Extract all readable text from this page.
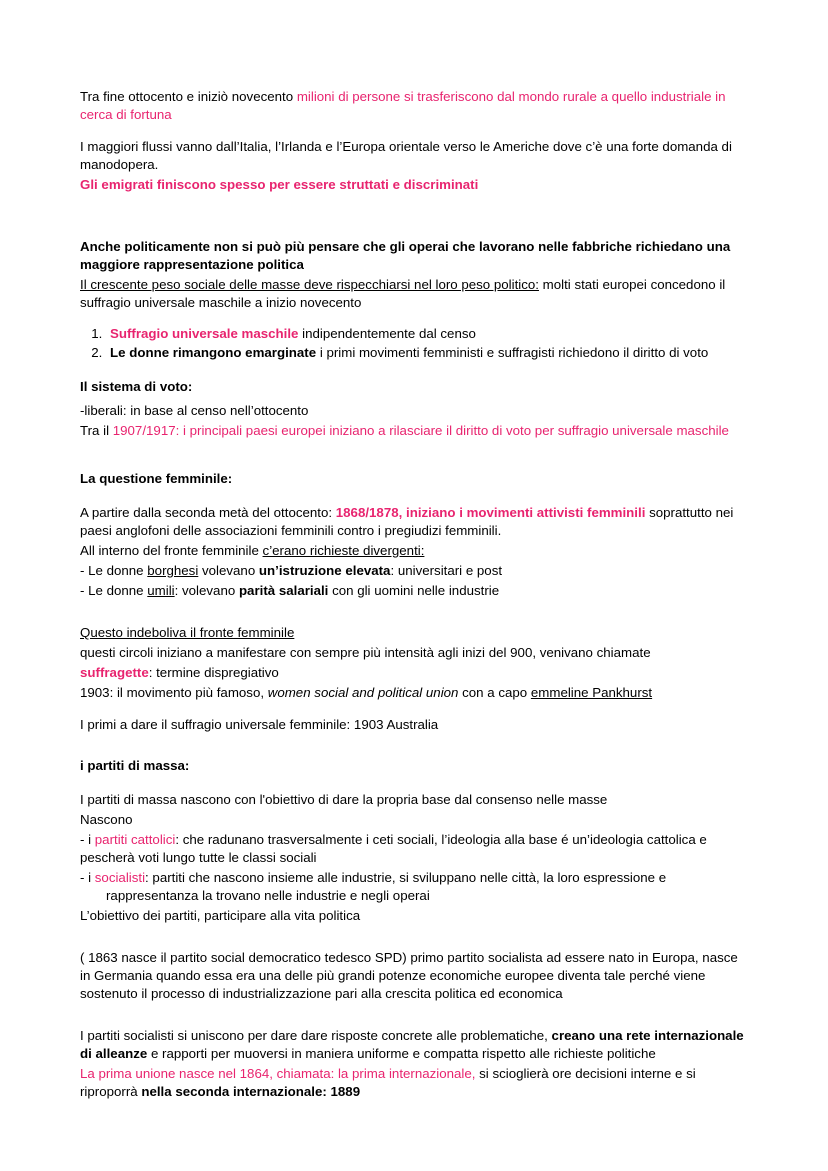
Tra fine ottocento e iniziò novecento milioni di persone si trasferiscono dal mondo rurale a quello industriale in cerca di fortuna

I maggiori flussi vanno dall’Italia, l’Irlanda e l’Europa orientale verso le Americhe dove c’è una forte domanda di manodopera.

Gli emigrati finiscono spesso per essere struttati e discriminati

Anche politicamente non si può più pensare che gli operai che lavorano nelle fabbriche richiedano una maggiore rappresentazione politica

Il crescente peso sociale delle masse deve rispecchiarsi nel loro peso politico: molti stati europei concedono il suffragio universale maschile a inizio novecento

1. Suffragio universale maschile indipendentemente dal censo
2. Le donne rimangono emarginate i primi movimenti femministi e suffragisti richiedono il diritto di voto

Il sistema di voto:

-liberali: in base al censo nell’ottocento

Tra il 1907/1917: i principali paesi europei iniziano a rilasciare il diritto di voto per suffragio universale maschile

La questione femminile:

A partire dalla seconda metà del ottocento: 1868/1878, iniziano i movimenti attivisti femminili soprattutto nei paesi anglofoni delle associazioni femminili contro i pregiudizi femminili.

All interno del fronte femminile c’erano richieste divergenti:

- Le donne borghesi volevano un’istruzione elevata: universitari e post

- Le donne umili: volevano parità salariali con gli uomini nelle industrie

Questo indeboliva il fronte femminile

questi circoli iniziano a manifestare con sempre più intensità agli inizi del 900, venivano chiamate

suffragette: termine dispregiativo

1903: il movimento più famoso, women social and political union con a capo emmeline Pankhurst

I primi a dare il suffragio universale femminile: 1903 Australia

i partiti di massa:

I partiti di massa nascono con l'obiettivo di dare la propria base dal consenso nelle masse

Nascono

- i partiti cattolici: che radunano trasversalmente i ceti sociali, l’ideologia alla base é un’ideologia cattolica e pescherà voti lungo tutte le classi sociali

- i socialisti: partiti che nascono insieme alle industrie, si sviluppano nelle città, la loro espressione e rappresentanza la trovano nelle industrie e negli operai

L’obiettivo dei partiti, participare alla vita politica

( 1863 nasce il partito social democratico tedesco SPD) primo partito socialista ad essere nato in Europa, nasce in Germania quando essa era una delle più grandi potenze economiche europee diventa tale perché viene sostenuto il processo di industrializzazione pari alla crescita politica ed economica

I partiti socialisti si uniscono per dare dare risposte concrete alle problematiche, creano una rete internazionale di alleanze e rapporti per muoversi in maniera uniforme e compatta rispetto alle richieste politiche

La prima unione nasce nel 1864, chiamata: la prima internazionale, si scioglierà ore decisioni interne e si riproporrà nella seconda internazionale: 1889
